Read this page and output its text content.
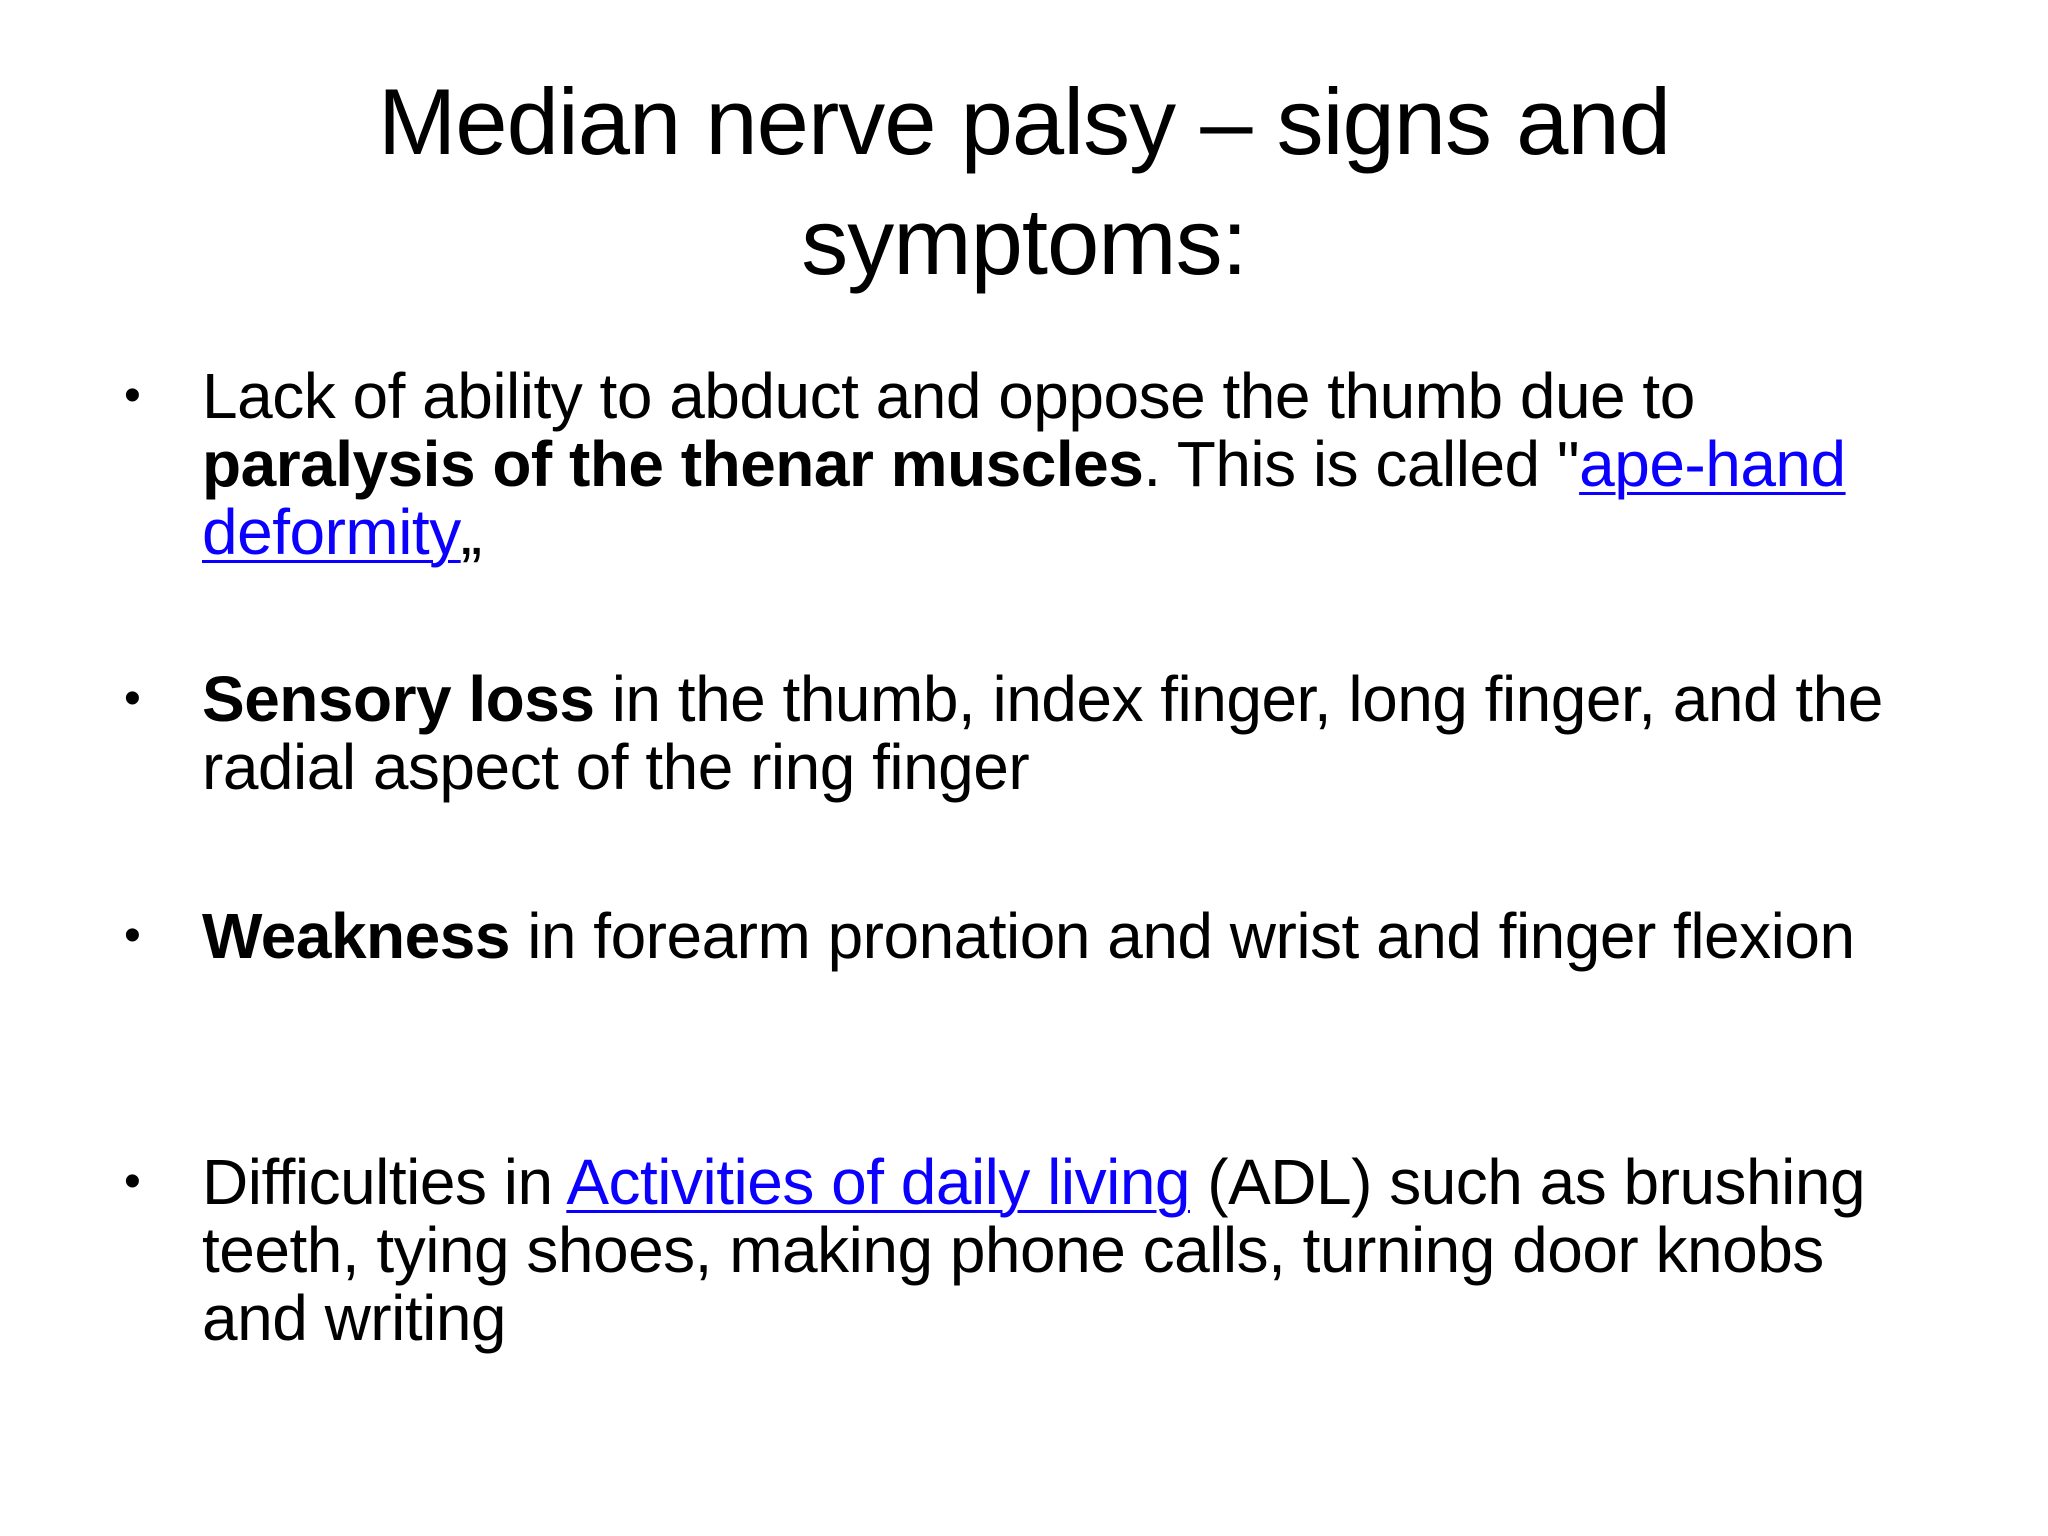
Median nerve palsy – signs and symptoms:
• Lack of ability to abduct and oppose the thumb due to paralysis of the thenar muscles. This is called "ape-hand deformity„
• Sensory loss in the thumb, index finger, long finger, and the radial aspect of the ring finger
• Weakness in forearm pronation and wrist and finger flexion
• Difficulties in Activities of daily living (ADL) such as brushing teeth, tying shoes, making phone calls, turning door knobs and writing
